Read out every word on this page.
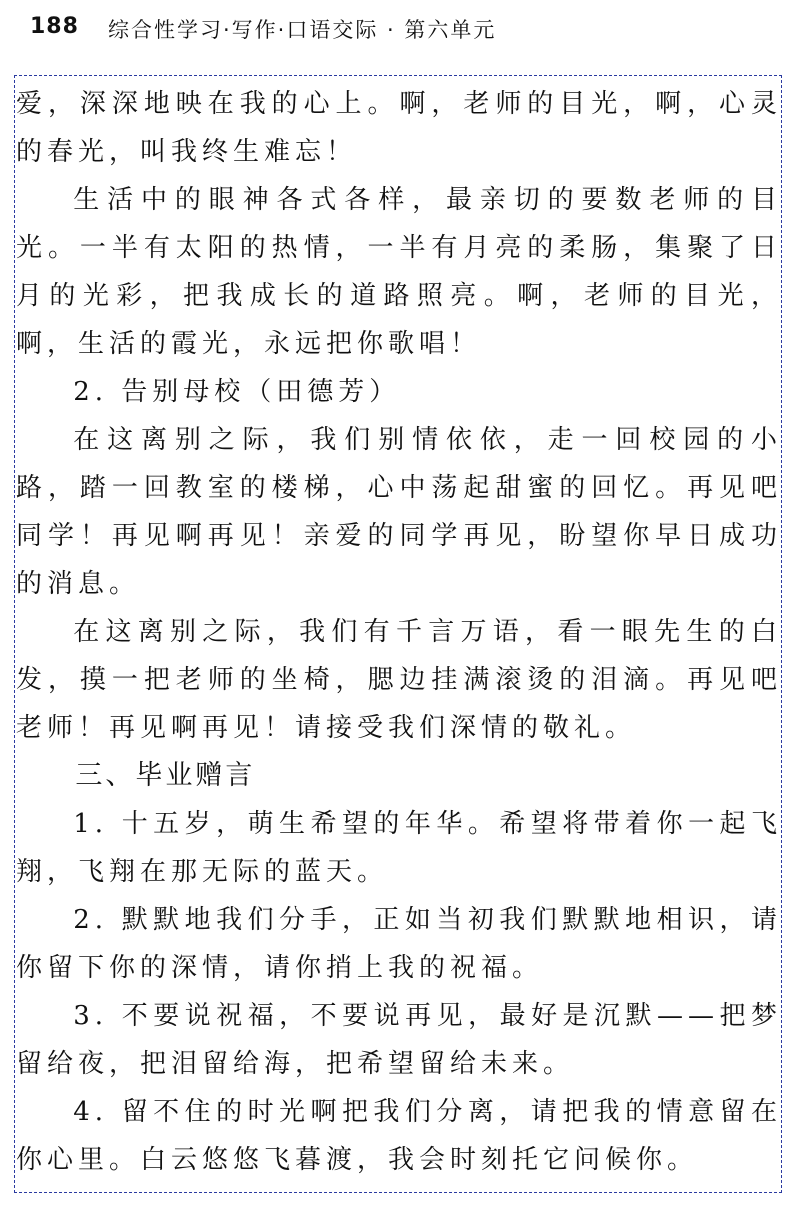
188 综合性学习·写作·口语交际 · 第六单元

爱，深深地映在我的心上。啊，老师的目光，啊，心灵的春光，叫我终生难忘！

生活中的眼神各式各样，最亲切的要数老师的目光。一半有太阳的热情，一半有月亮的柔肠，集聚了日月的光彩，把我成长的道路照亮。啊，老师的目光，啊，生活的霞光，永远把你歌唱！

2. 告别母校（田德芳）

在这离别之际，我们别情依依，走一回校园的小路，踏一回教室的楼梯，心中荡起甜蜜的回忆。再见吧同学！再见啊再见！亲爱的同学再见，盼望你早日成功的消息。

在这离别之际，我们有千言万语，看一眼先生的白发，摸一把老师的坐椅，腮边挂满滚烫的泪滴。再见吧老师！再见啊再见！请接受我们深情的敬礼。

三、毕业赠言

1. 十五岁，萌生希望的年华。希望将带着你一起飞翔，飞翔在那无际的蓝天。

2. 默默地我们分手，正如当初我们默默地相识，请你留下你的深情，请你捎上我的祝福。

3. 不要说祝福，不要说再见，最好是沉默——把梦留给夜，把泪留给海，把希望留给未来。

4. 留不住的时光啊把我们分离，请把我的情意留在你心里。白云悠悠飞暮渡，我会时刻托它问候你。
